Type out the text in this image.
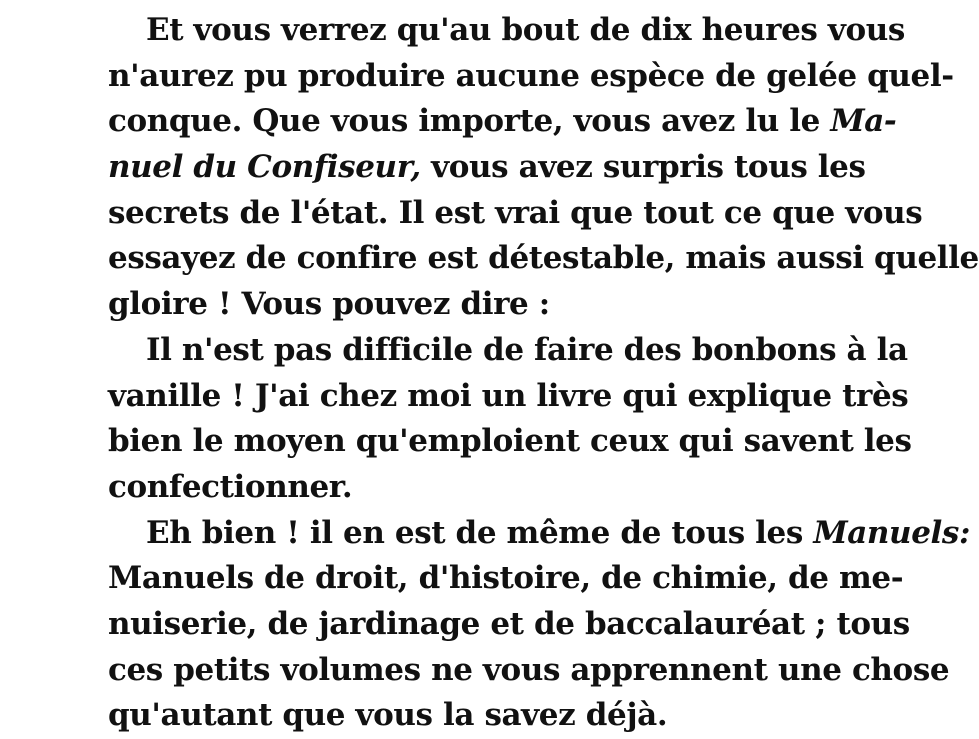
Et vous verrez qu'au bout de dix heures vous
n'aurez pu produire aucune espèce de gelée quel-
conque. Que vous importe, vous avez lu le Ma-
nuel du Confiseur, vous avez surpris tous les
secrets de l'état. Il est vrai que tout ce que vous
essayez de confire est détestable, mais aussi quelle
gloire ! Vous pouvez dire :
Il n'est pas difficile de faire des bonbons à la
vanille ! J'ai chez moi un livre qui explique très
bien le moyen qu'emploient ceux qui savent les
confectionner.
Eh bien ! il en est de même de tous les Manuels:
Manuels de droit, d'histoire, de chimie, de me-
nuiserie, de jardinage et de baccalauréat ; tous
ces petits volumes ne vous apprennent une chose
qu'autant que vous la savez déjà.
